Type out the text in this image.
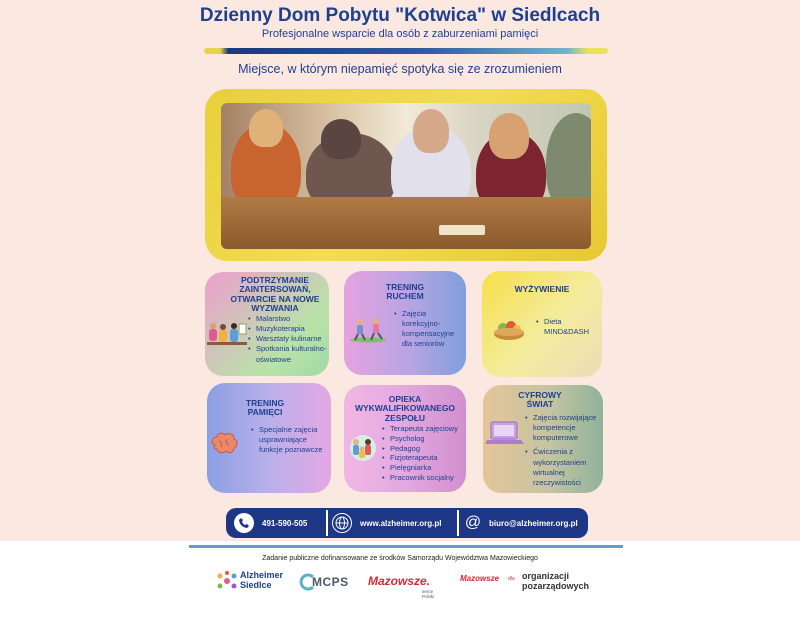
Dzienny Dom Pobytu "Kotwica" w Siedlcach
Profesjonalne wsparcie dla osób z zaburzeniami pamięci
Miejsce, w którym niepamięć spotyka się ze zrozumieniem
PODTRZYMANIE ZAINTERSOWAŃ, OTWARCIE NA NOWE WYZWANIA
• Malarstwo
• Muzykoterapia
• Warsztaty kulinarne
• Spotkania kulturalno-oświatowe
TRENING RUCHEM
• Zajęcia korekcyjno-kompensacyjne dla seniorów
WYŻYWIENIE
• Dieta MIND&DASH
TRENING PAMIĘCI
• Specjalne zajęcia usprawniające funkcje poznawcze
OPIEKA WYKWALIFIKOWANEGO ZESPOŁU
• Terapeuta zajęciowy
• Psycholog
• Pedagog
• Fizjoterapeuta
• Pielęgniarka
• Pracownik socjalny
CYFROWY ŚWIAT
• Zajęcia rozwijające kompetencje komputerowe
• Ćwiczenia z wykorzystaniem wirtualnej rzeczywistości
491-590-505	www.alzheimer.org.pl @ biuro@alzheimer.org.pl
Zadanie publiczne dofinansowane ze środków Samorządu Województwa Mazowieckiego
Alzheimer
Siedlce	MCPS Mazowsze.
serce Polski
Mazowsze dla organizacji
pozarządowych
